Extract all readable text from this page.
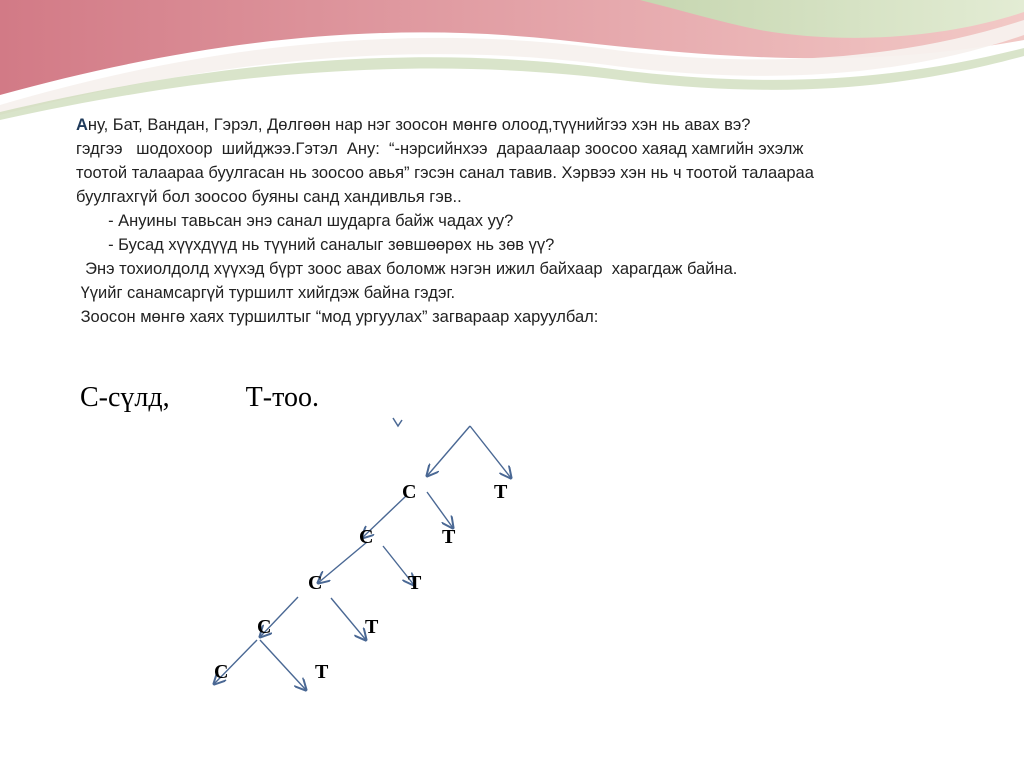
Ану, Бат, Вандан, Гэрэл, Дөлгөөн нар нэг зоосон мөнгө олоод,түүнийгээ хэн нь авах вэ?
гэдгээ   шодохоор  шийджээ.Гэтэл  Ану:  “-нэрсийнхээ  дараалаар зоосоо хаяад хамгийн эхэлж
тоотой талаараа буулгасан нь зоосоо авья” гэсэн санал тавив. Хэрвээ хэн нь ч тоотой талаараа
буулгахгүй бол зоосоо буяны санд хандивлья гэв..
- Ануины тавьсан энэ санал шударга байж чадах уу?
- Бусад хүүхдүүд нь түүний саналыг зөвшөөрөх нь зөв үү?
Энэ тохиолдолд хүүхэд бүрт зоос авах боломж нэгэн ижил байхаар  харагдаж байна.
Үүийг санамсаргүй туршилт хийгдэж байна гэдэг.
Зоосон мөнгө хаях туршилтыг “мод ургуулах” загвараар харуулбал:
С-сүлд,	Т-тоо.
С	Т
С	Т
С	Т
С	Т
С	Т
